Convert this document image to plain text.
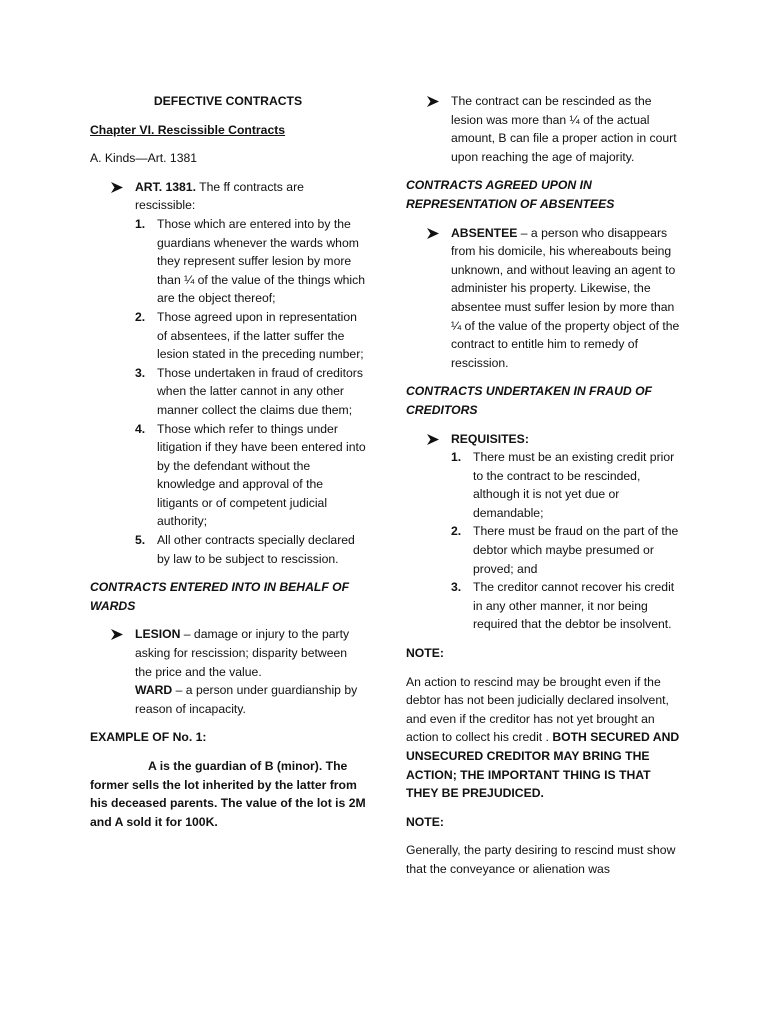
DEFECTIVE CONTRACTS

Chapter VI. Rescissible Contracts

A. Kinds—Art. 1381

ART. 1381. The ff contracts are rescissible:

1. Those which are entered into by the guardians whenever the wards whom they represent suffer lesion by more than ¼ of the value of the things which are the object thereof;
2. Those agreed upon in representation of absentees, if the latter suffer the lesion stated in the preceding number;
3. Those undertaken in fraud of creditors when the latter cannot in any other manner collect the claims due them;
4. Those which refer to things under litigation if they have been entered into by the defendant without the knowledge and approval of the litigants or of competent judicial authority;
5. All other contracts specially declared by law to be subject to rescission.

CONTRACTS ENTERED INTO IN BEHALF OF WARDS

LESION – damage or injury to the party asking for rescission; disparity between the price and the value.

WARD – a person under guardianship by reason of incapacity.

EXAMPLE OF No. 1:

A is the guardian of B (minor). The former sells the lot inherited by the latter from his deceased parents. The value of the lot is 2M and A sold it for 100K.

The contract can be rescinded as the lesion was more than ¼ of the actual amount, B can file a proper action in court upon reaching the age of majority.

CONTRACTS AGREED UPON IN REPRESENTATION OF ABSENTEES

ABSENTEE – a person who disappears from his domicile, his whereabouts being unknown, and without leaving an agent to administer his property. Likewise, the absentee must suffer lesion by more than ¼ of the value of the property object of the contract to entitle him to remedy of rescission.

CONTRACTS UNDERTAKEN IN FRAUD OF CREDITORS

REQUISITES:

1. There must be an existing credit prior to the contract to be rescinded, although it is not yet due or demandable;
2. There must be fraud on the part of the debtor which maybe presumed or proved; and
3. The creditor cannot recover his credit in any other manner, it nor being required that the debtor be insolvent.

NOTE:

An action to rescind may be brought even if the debtor has not been judicially declared insolvent, and even if the creditor has not yet brought an action to collect his credit . BOTH SECURED AND UNSECURED CREDITOR MAY BRING THE ACTION; THE IMPORTANT THING IS THAT THEY BE PREJUDICED.

NOTE:

Generally, the party desiring to rescind must show that the conveyance or alienation was
